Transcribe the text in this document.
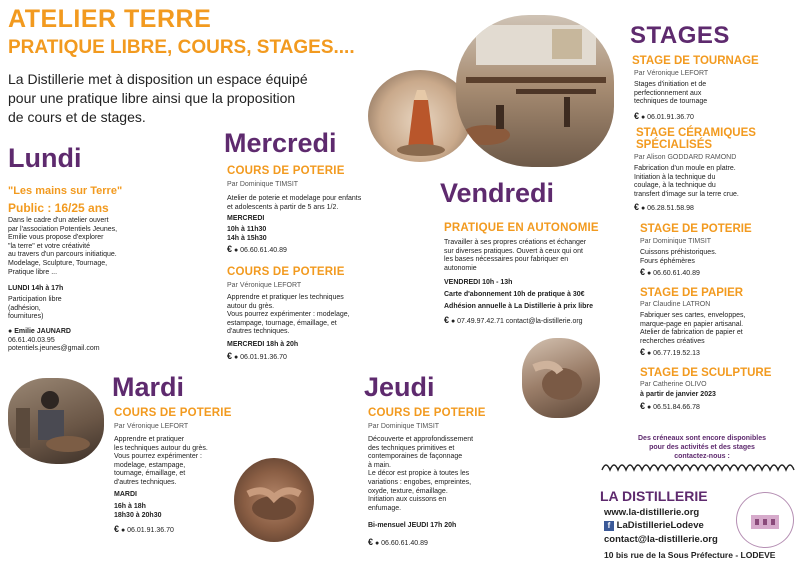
ATELIER TERRE
PRATIQUE LIBRE, COURS, STAGES....
La Distillerie met à disposition un espace équipé
pour une pratique libre ainsi que la proposition
de cours et de stages.
Lundi
"Les mains sur Terre"
Public : 16/25 ans
Dans le cadre d'un atelier ouvert
par l'association Potentiels Jeunes,
Emilie vous propose d'explorer
"la terre" et votre créativité
au travers d'un parcours initiatique.
Modelage, Sculpture, Tournage,
Pratique libre ...
LUNDI 14h à 17h
Participation libre
(adhésion,
fournitures)
● Emilie JAUNARD
06.61.40.03.95
potentiels.jeunes@gmail.com
Mercredi
COURS DE POTERIE
Par Dominique TIMSIT
Atelier de poterie et modelage pour enfants
et adolescents à partir de 5 ans 1/2.
MERCREDI
10h à 11h30
14h à 15h30
€ ● 06.60.61.40.89
COURS DE POTERIE
Par Véronique LEFORT
Apprendre et pratiquer les techniques
autour du grès.
Vous pourrez expérimenter : modelage,
estampage, tournage, émaillage, et
d'autres techniques.
MERCREDI 18h à 20h
€ ● 06.01.91.36.70
Vendredi
PRATIQUE EN AUTONOMIE
Travailler à ses propres créations et échanger
sur diverses pratiques. Ouvert à ceux qui ont
les bases nécessaires pour fabriquer en
autonomie
VENDREDI 10h - 13h
Carte d'abonnement 10h de pratique à 30€
Adhésion annuelle à La Distillerie à prix libre
€ ● 07.49.97.42.71 contact@la-distillerie.org
Mardi
COURS DE POTERIE
Par Véronique LEFORT
Apprendre et pratiquer
les techniques autour du grès.
Vous pourrez expérimenter :
modelage, estampage,
tournage, émaillage, et
d'autres techniques.
MARDI
16h à 18h
18h30 à 20h30
€ ● 06.01.91.36.70
Jeudi
COURS DE POTERIE
Par Dominique TIMSIT
Découverte et approfondissement
des techniques primitives et
contemporaines de façonnage
à main.
Le décor est propice à toutes les
variations : engobes, empreintes,
oxyde, texture, émaillage.
Initiation aux cuissons en
enfumage.
Bi-mensuel JEUDI 17h 20h
€ ● 06.60.61.40.89
STAGES
STAGE DE TOURNAGE
Par Véronique LEFORT
Stages d'initiation et de
perfectionnement aux
techniques de tournage
€ ● 06.01.91.36.70
STAGE CÉRAMIQUES SPÉCIALISÉS
Par Alison GODDARD RAMOND
Fabrication d'un moule en platre.
Initiation à la technique du
coulage, à la technique du
transfert d'image sur la terre crue.
€ ● 06.28.51.58.98
STAGE DE POTERIE
Par Dominique TIMSIT
Cuissons préhistoriques.
Fours éphémères
€ ● 06.60.61.40.89
STAGE DE PAPIER
Par Claudine LATRON
Fabriquer ses cartes, enveloppes,
marque-page en papier artisanal.
Atelier de fabrication de papier et
recherches créatives
€ ● 06.77.19.52.13
STAGE DE SCULPTURE
Par Catherine OLIVO
à partir de janvier 2023
€ ● 06.51.84.66.78
Des créneaux sont encore disponibles
pour des activités et des stages
contactez-nous :
LA DISTILLERIE
www.la-distillerie.org
f LaDistillerieLodeve
contact@la-distillerie.org
10 bis rue de la Sous Préfecture - LODEVE
